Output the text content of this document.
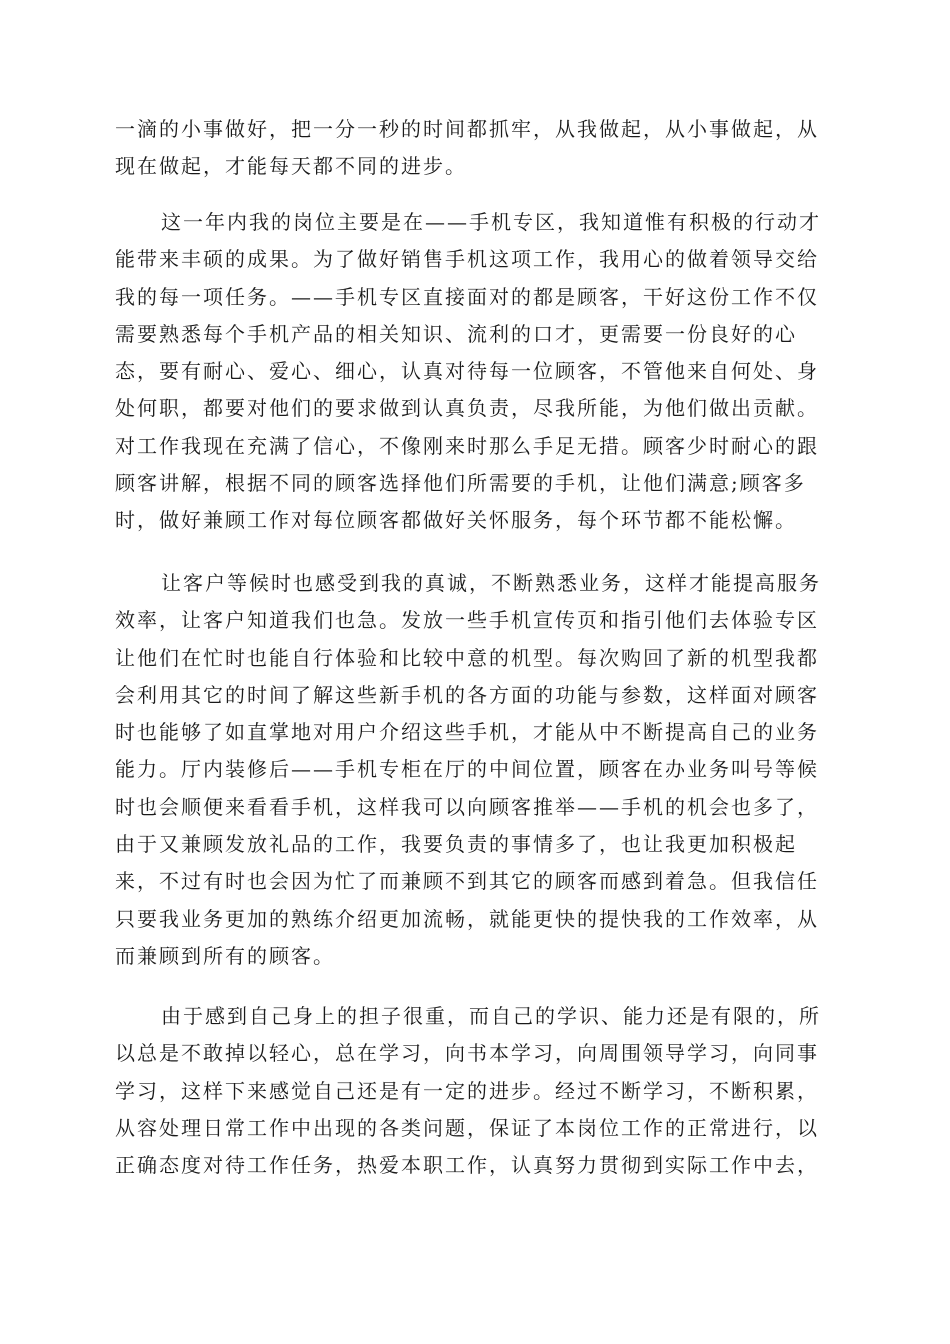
一滴的小事做好，把一分一秒的时间都抓牢，从我做起，从小事做起，从
现在做起，才能每天都不同的进步。
这一年内我的岗位主要是在——手机专区，我知道惟有积极的行动才
能带来丰硕的成果。为了做好销售手机这项工作，我用心的做着领导交给
我的每一项任务。——手机专区直接面对的都是顾客，干好这份工作不仅
需要熟悉每个手机产品的相关知识、流利的口才，更需要一份良好的心
态，要有耐心、爱心、细心，认真对待每一位顾客，不管他来自何处、身
处何职，都要对他们的要求做到认真负责，尽我所能，为他们做出贡献。
对工作我现在充满了信心，不像刚来时那么手足无措。顾客少时耐心的跟
顾客讲解，根据不同的顾客选择他们所需要的手机，让他们满意;顾客多
时，做好兼顾工作对每位顾客都做好关怀服务，每个环节都不能松懈。
让客户等候时也感受到我的真诚，不断熟悉业务，这样才能提高服务
效率，让客户知道我们也急。发放一些手机宣传页和指引他们去体验专区
让他们在忙时也能自行体验和比较中意的机型。每次购回了新的机型我都
会利用其它的时间了解这些新手机的各方面的功能与参数，这样面对顾客
时也能够了如直掌地对用户介绍这些手机，才能从中不断提高自己的业务
能力。厅内装修后——手机专柜在厅的中间位置，顾客在办业务叫号等候
时也会顺便来看看手机，这样我可以向顾客推举——手机的机会也多了，
由于又兼顾发放礼品的工作，我要负责的事情多了，也让我更加积极起
来，不过有时也会因为忙了而兼顾不到其它的顾客而感到着急。但我信任
只要我业务更加的熟练介绍更加流畅，就能更快的提快我的工作效率，从
而兼顾到所有的顾客。
由于感到自己身上的担子很重，而自己的学识、能力还是有限的，所
以总是不敢掉以轻心，总在学习，向书本学习，向周围领导学习，向同事
学习，这样下来感觉自己还是有一定的进步。经过不断学习，不断积累，
从容处理日常工作中出现的各类问题，保证了本岗位工作的正常进行，以
正确态度对待工作任务，热爱本职工作，认真努力贯彻到实际工作中去，
